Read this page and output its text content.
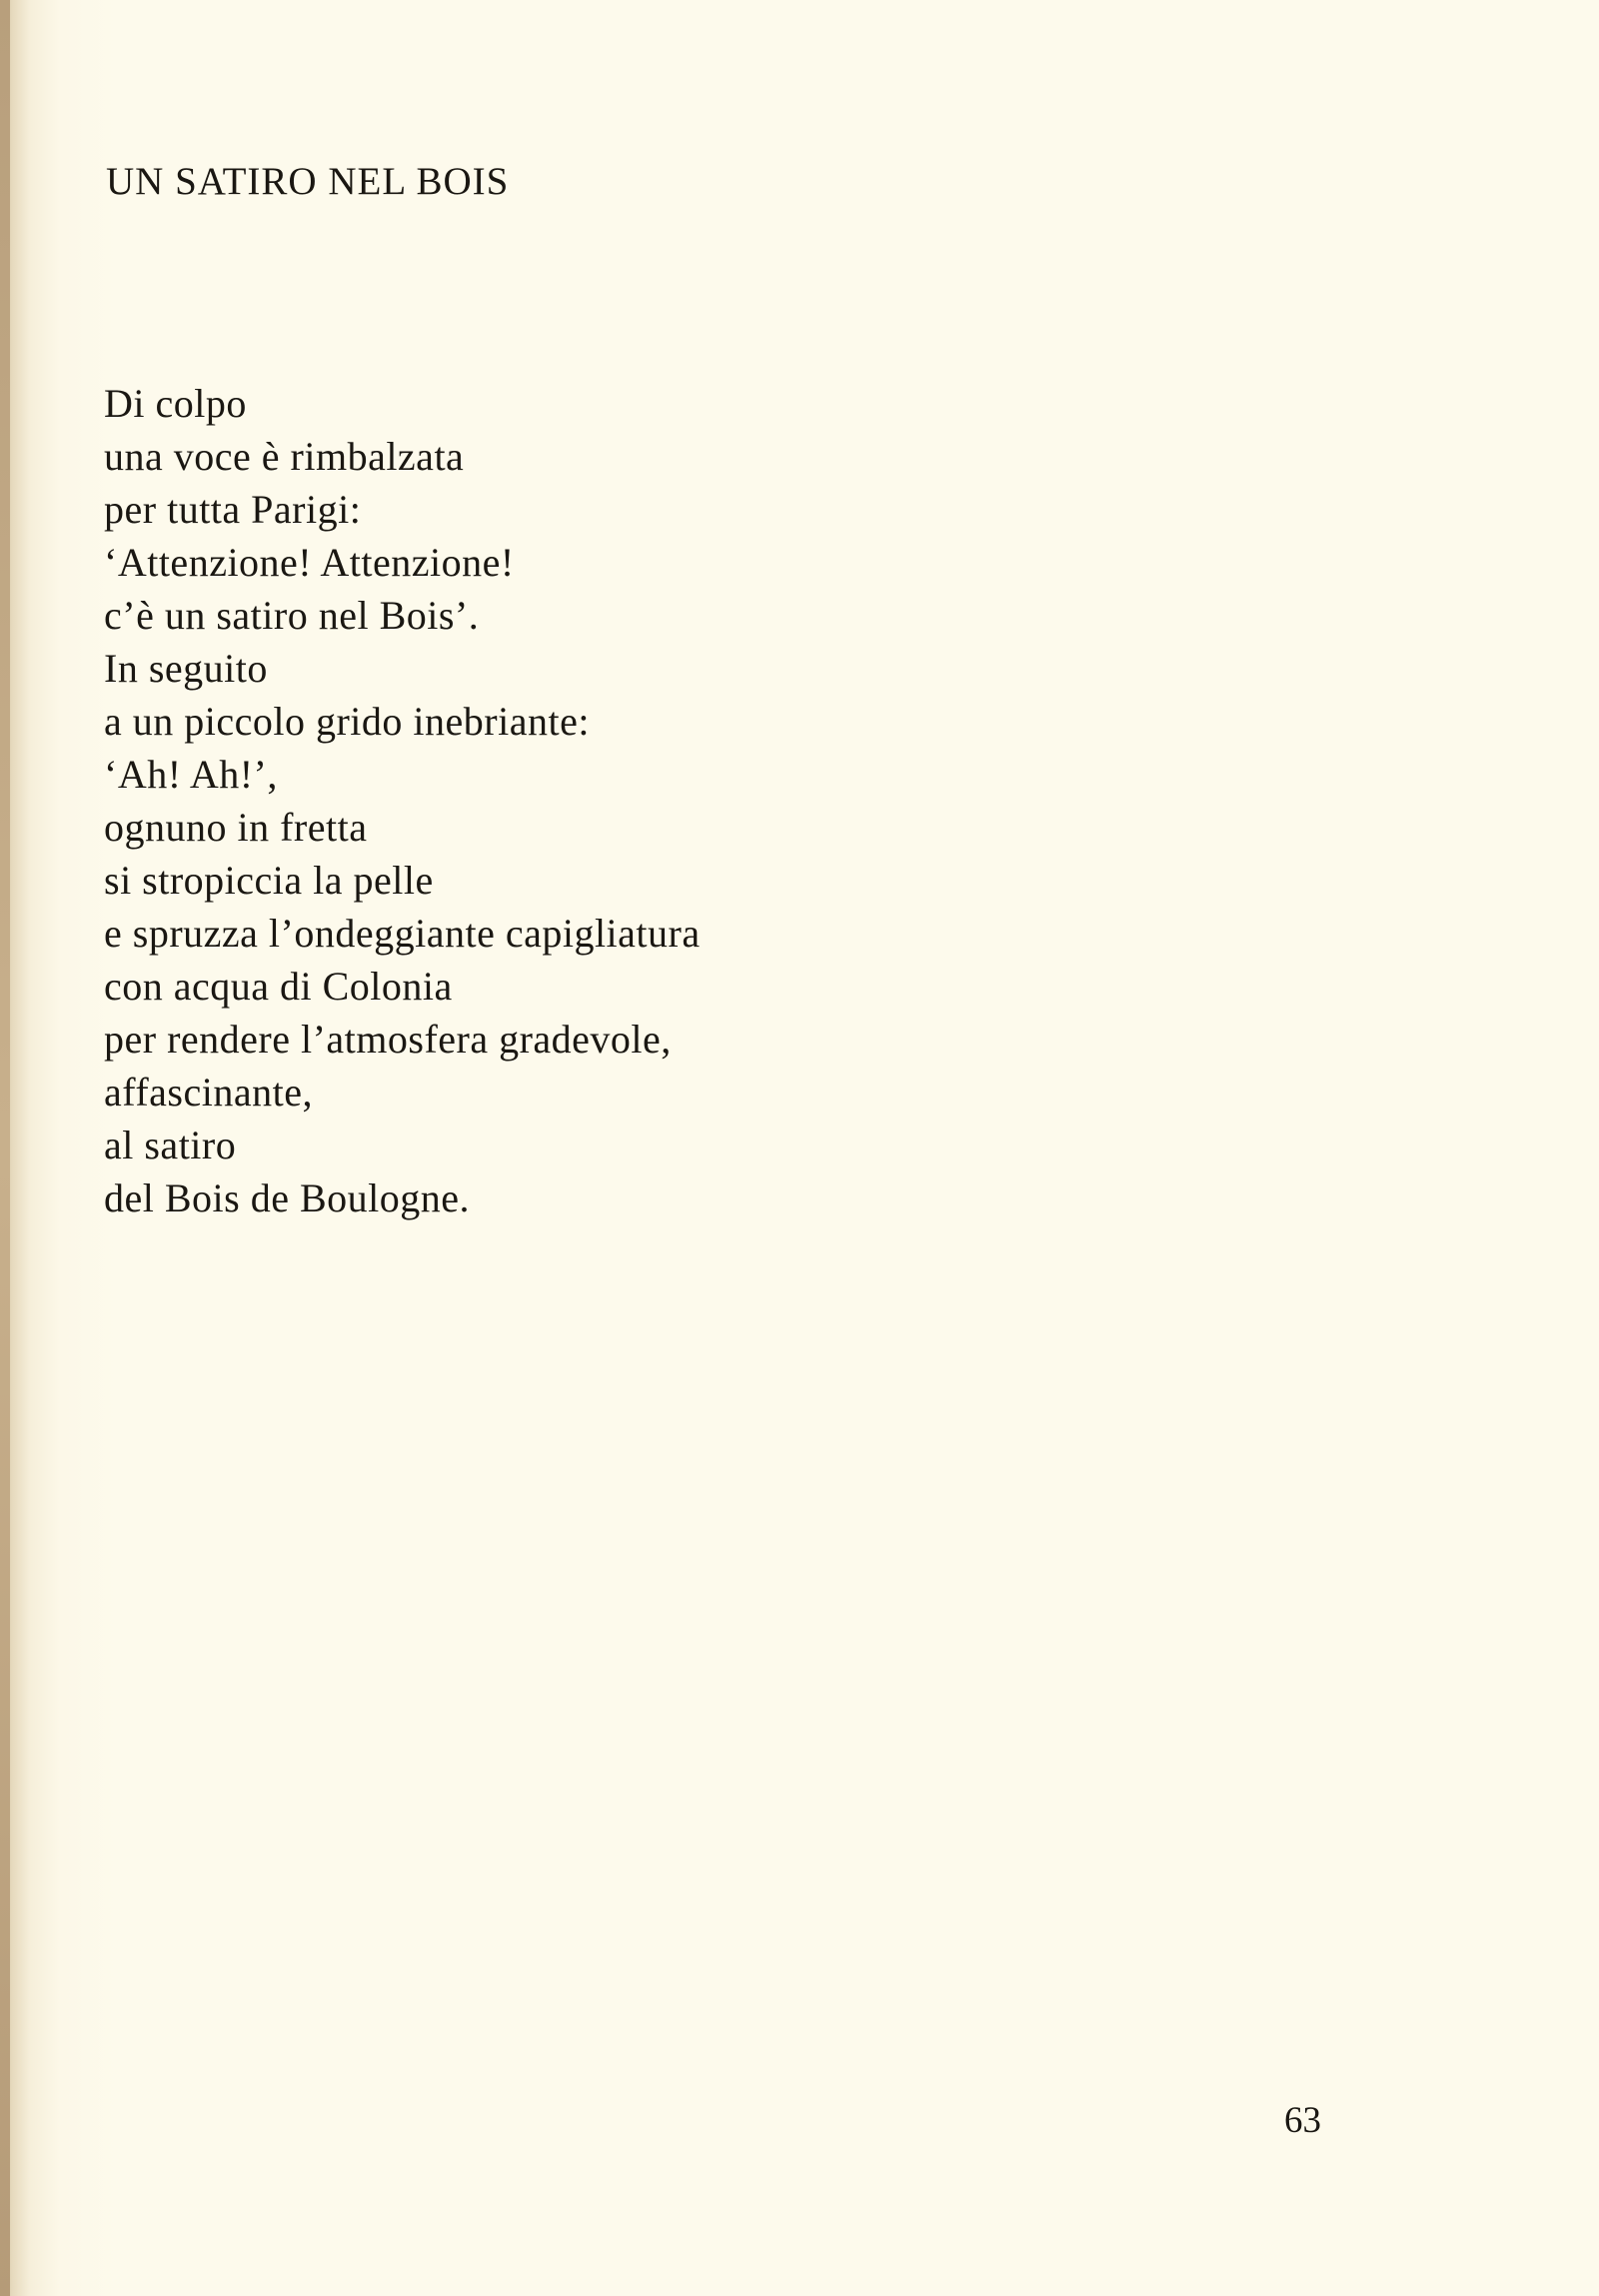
UN SATIRO NEL BOIS
Di colpo
una voce è rimbalzata
per tutta Parigi:
‘Attenzione! Attenzione!
c’è un satiro nel Bois’.
In seguito
a un piccolo grido inebriante:
‘Ah! Ah!’,
ognuno in fretta
si stropiccia la pelle
e spruzza l’ondeggiante capigliatura
con acqua di Colonia
per rendere l’atmosfera gradevole,
affascinante,
al satiro
del Bois de Boulogne.
63
